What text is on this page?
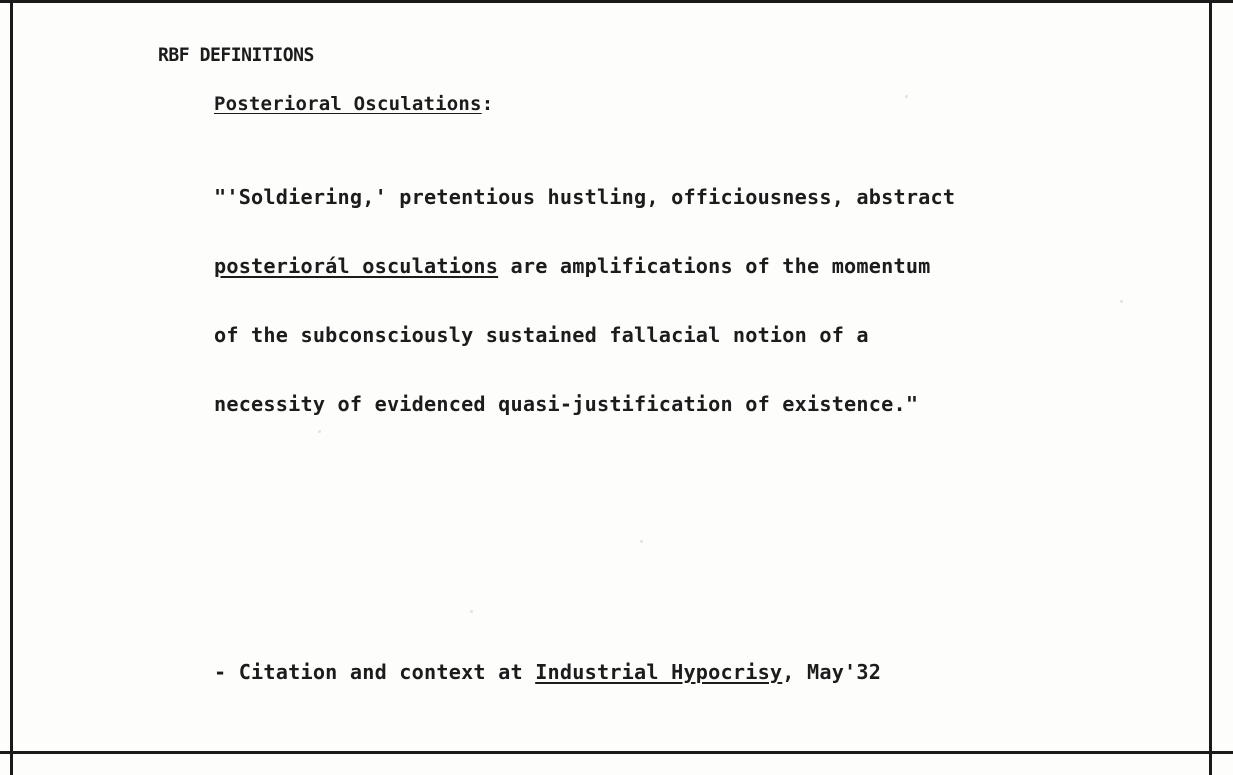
RBF DEFINITIONS
Posterioral Osculations:

"'Soldiering,' pretentious hustling, officiousness, abstract

posteriorál osculations are amplifications of the momentum

of the subconsciously sustained fallacial notion of a

necessity of evidenced quasi-justification of existence."

- Citation and context at Industrial Hypocrisy, May'32
